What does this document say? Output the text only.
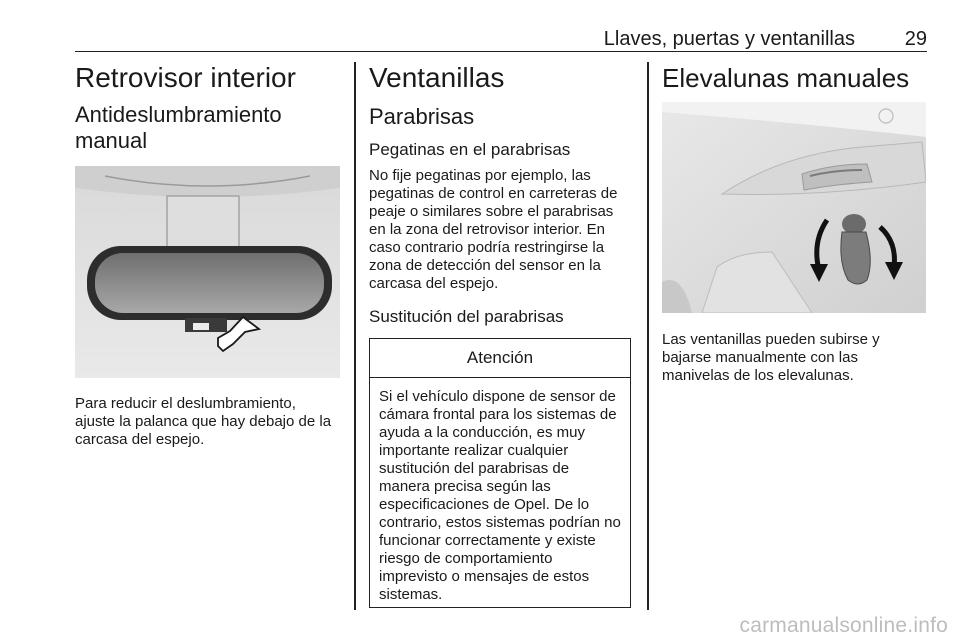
Llaves, puertas y ventanillas 29
Retrovisor interior
Antideslumbramiento manual

Para reducir el deslumbramiento, ajuste la palanca que hay debajo de la carcasa del espejo.

Ventanillas
Parabrisas
Pegatinas en el parabrisas

No fije pegatinas por ejemplo, las pegatinas de control en carreteras de peaje o similares sobre el parabrisas en la zona del retrovisor interior. En caso contrario podría restringirse la zona de detección del sensor en la carcasa del espejo.

Sustitución del parabrisas
Atención
Si el vehículo dispone de sensor de cámara frontal para los sistemas de ayuda a la conducción, es muy importante realizar cualquier sustitución del parabrisas de manera precisa según las especificaciones de Opel. De lo contrario, estos sistemas podrían no funcionar correctamente y existe riesgo de comportamiento imprevisto o mensajes de estos sistemas.
Elevalunas manuales

Las ventanillas pueden subirse y bajarse manualmente con las manivelas de los elevalunas.

carmanualsonline.info
